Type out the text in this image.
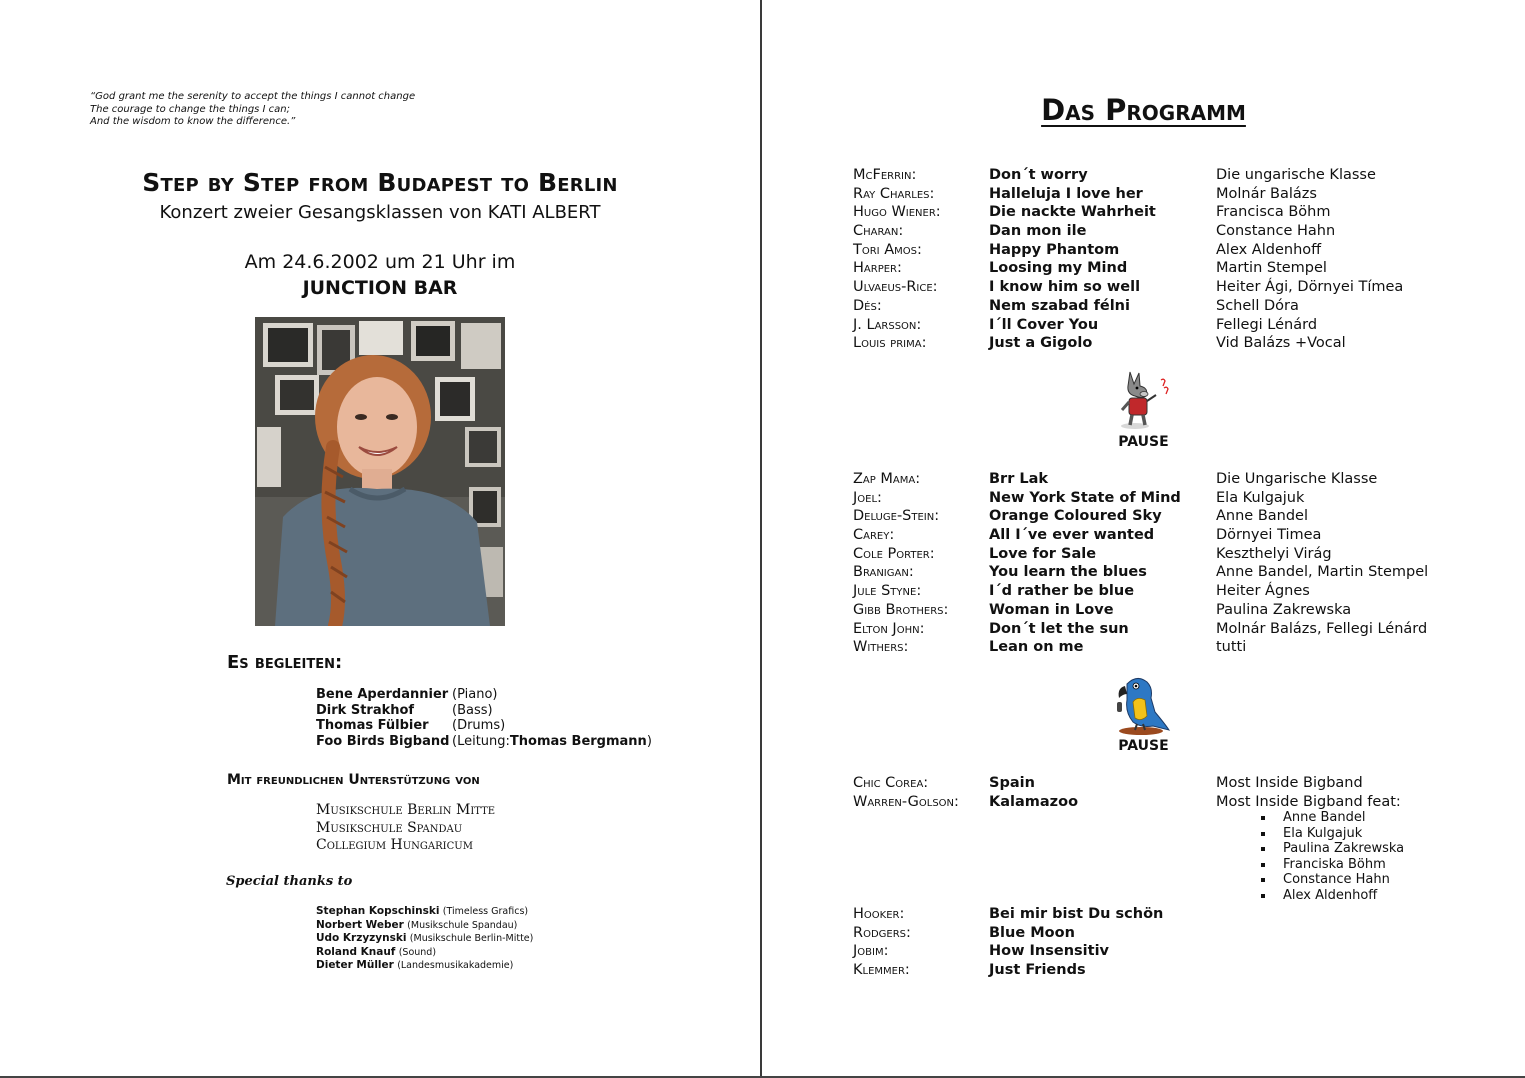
“God grant me the serenity to accept the things I cannot change
The courage to change the things I can;
And the wisdom to know the difference.”
Step by Step from Budapest to Berlin
Konzert zweier Gesangsklassen von KATI ALBERT
Am 24.6.2002 um 21 Uhr im
JUNCTION BAR
Es begleiten:
Bene Aperdannier (Piano)
Dirk Strakhof	(Bass)
Thomas Fülbier	(Drums)
Foo Birds Bigband (Leitung:Thomas Bergmann)
Mit freundlichen Unterstützung von
Musikschule Berlin Mitte
Musikschule Spandau
Collegium Hungaricum
Special thanks to
Stephan Kopschinski (Timeless Grafics)
Norbert Weber (Musikschule Spandau)
Udo Krzyzynski (Musikschule Berlin-Mitte)
Roland Knauf (Sound)
Dieter Müller (Landesmusikakademie)
Das Programm
McFerrin:	Don´t worry	Die ungarische Klasse
Ray Charles:	Halleluja I love her	Molnár Balázs
Hugo Wiener:	Die nackte Wahrheit	Francisca Böhm
Charan:	Dan mon ile	Constance Hahn
Tori Amos:	Happy Phantom	Alex Aldenhoff
Harper:	Loosing my Mind	Martin Stempel
Ulvaeus-Rice:	I know him so well	Heiter Ági, Dörnyei Tímea
Dés:	Nem szabad félni	Schell Dóra
J. Larsson:	I´ll Cover You	Fellegi Lénárd
Louis prima:	Just a Gigolo	Vid Balázs +Vocal
PAUSE
Zap Mama:	Brr Lak	Die Ungarische Klasse
Joel:	New York State of Mind	Ela Kulgajuk
Deluge-Stein:	Orange Coloured Sky	Anne Bandel
Carey:	All I´ve ever wanted	Dörnyei Timea
Cole Porter:	Love for Sale	Keszthelyi Virág
Branigan:	You learn the blues	Anne Bandel, Martin Stempel
Jule Styne:	I´d rather be blue	Heiter Ágnes
Gibb Brothers:	Woman in Love	Paulina Zakrewska
Elton John:	Don´t let the sun	Molnár Balázs, Fellegi Lénárd
Withers:	Lean on me	tutti
PAUSE
Chic Corea:	Spain	Most Inside Bigband
Warren-Golson:	Kalamazoo	Most Inside Bigband feat:
Anne Bandel
Ela Kulgajuk
Paulina Zakrewska
Franciska Böhm
Constance Hahn
Alex Aldenhoff
Hooker:	Bei mir bist Du schön
Rodgers:	Blue Moon
Jobim:	How Insensitiv
Klemmer:	Just Friends
